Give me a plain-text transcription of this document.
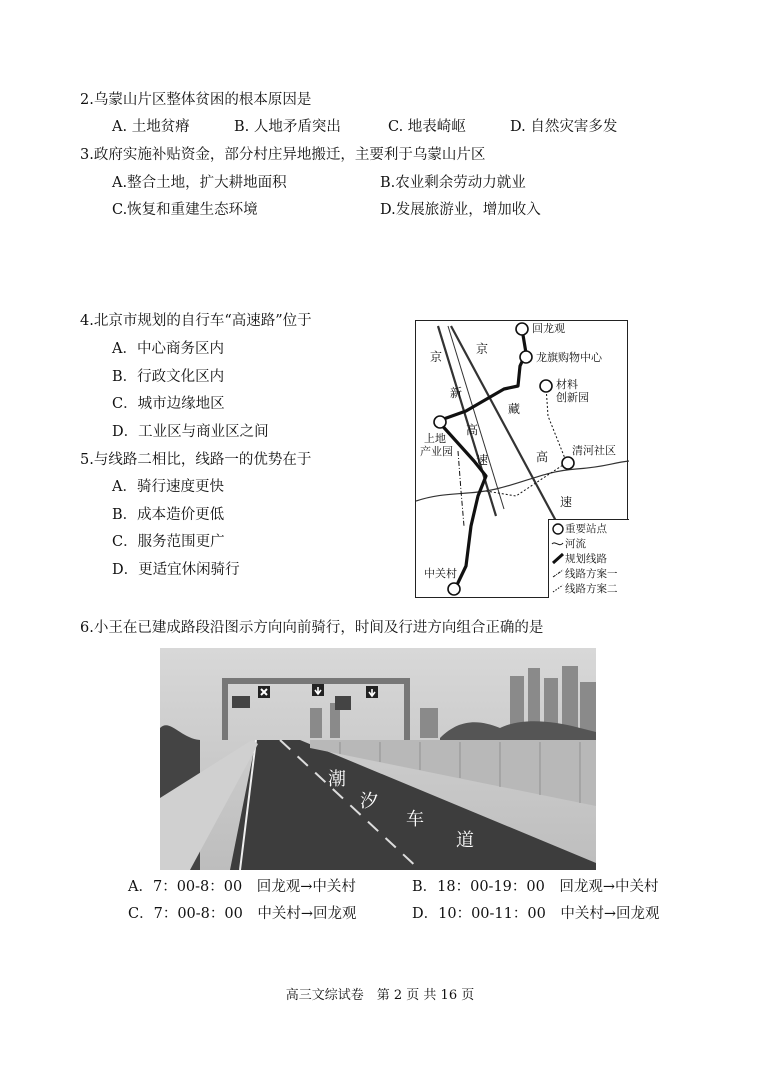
2.乌蒙山片区整体贫困的根本原因是
A. 土地贫瘠	B. 人地矛盾突出	C. 地表崎岖	D. 自然灾害多发
3.政府实施补贴资金，部分村庄异地搬迁，主要利于乌蒙山片区
A.整合土地，扩大耕地面积	B.农业剩余劳动力就业
C.恢复和重建生态环境	D.发展旅游业，增加收入
4.北京市规划的自行车“高速路”位于
A．中心商务区内
B．行政文化区内
C．城市边缘地区
D．工业区与商业区之间
5.与线路二相比，线路一的优势在于
A．骑行速度更快
B．成本造价更低
C．服务范围更广
D．更适宜休闲骑行
回龙观
龙旗购物中心
材料
创新园
上地
产业园	清河社区
中关村
京
京
新
藏
高
高
速
速
重要站点
河流
规划线路
线路方案一
线路方案二
6.小王在已建成路段沿图示方向向前骑行，时间及行进方向组合正确的是
潮
汐
车
道
A．7：00-8：00　回龙观→中关村	B．18：00-19：00　回龙观→中关村
C．7：00-8：00　中关村→回龙观	D．10：00-11：00　中关村→回龙观
高三文综试卷　第 2 页 共 16 页
